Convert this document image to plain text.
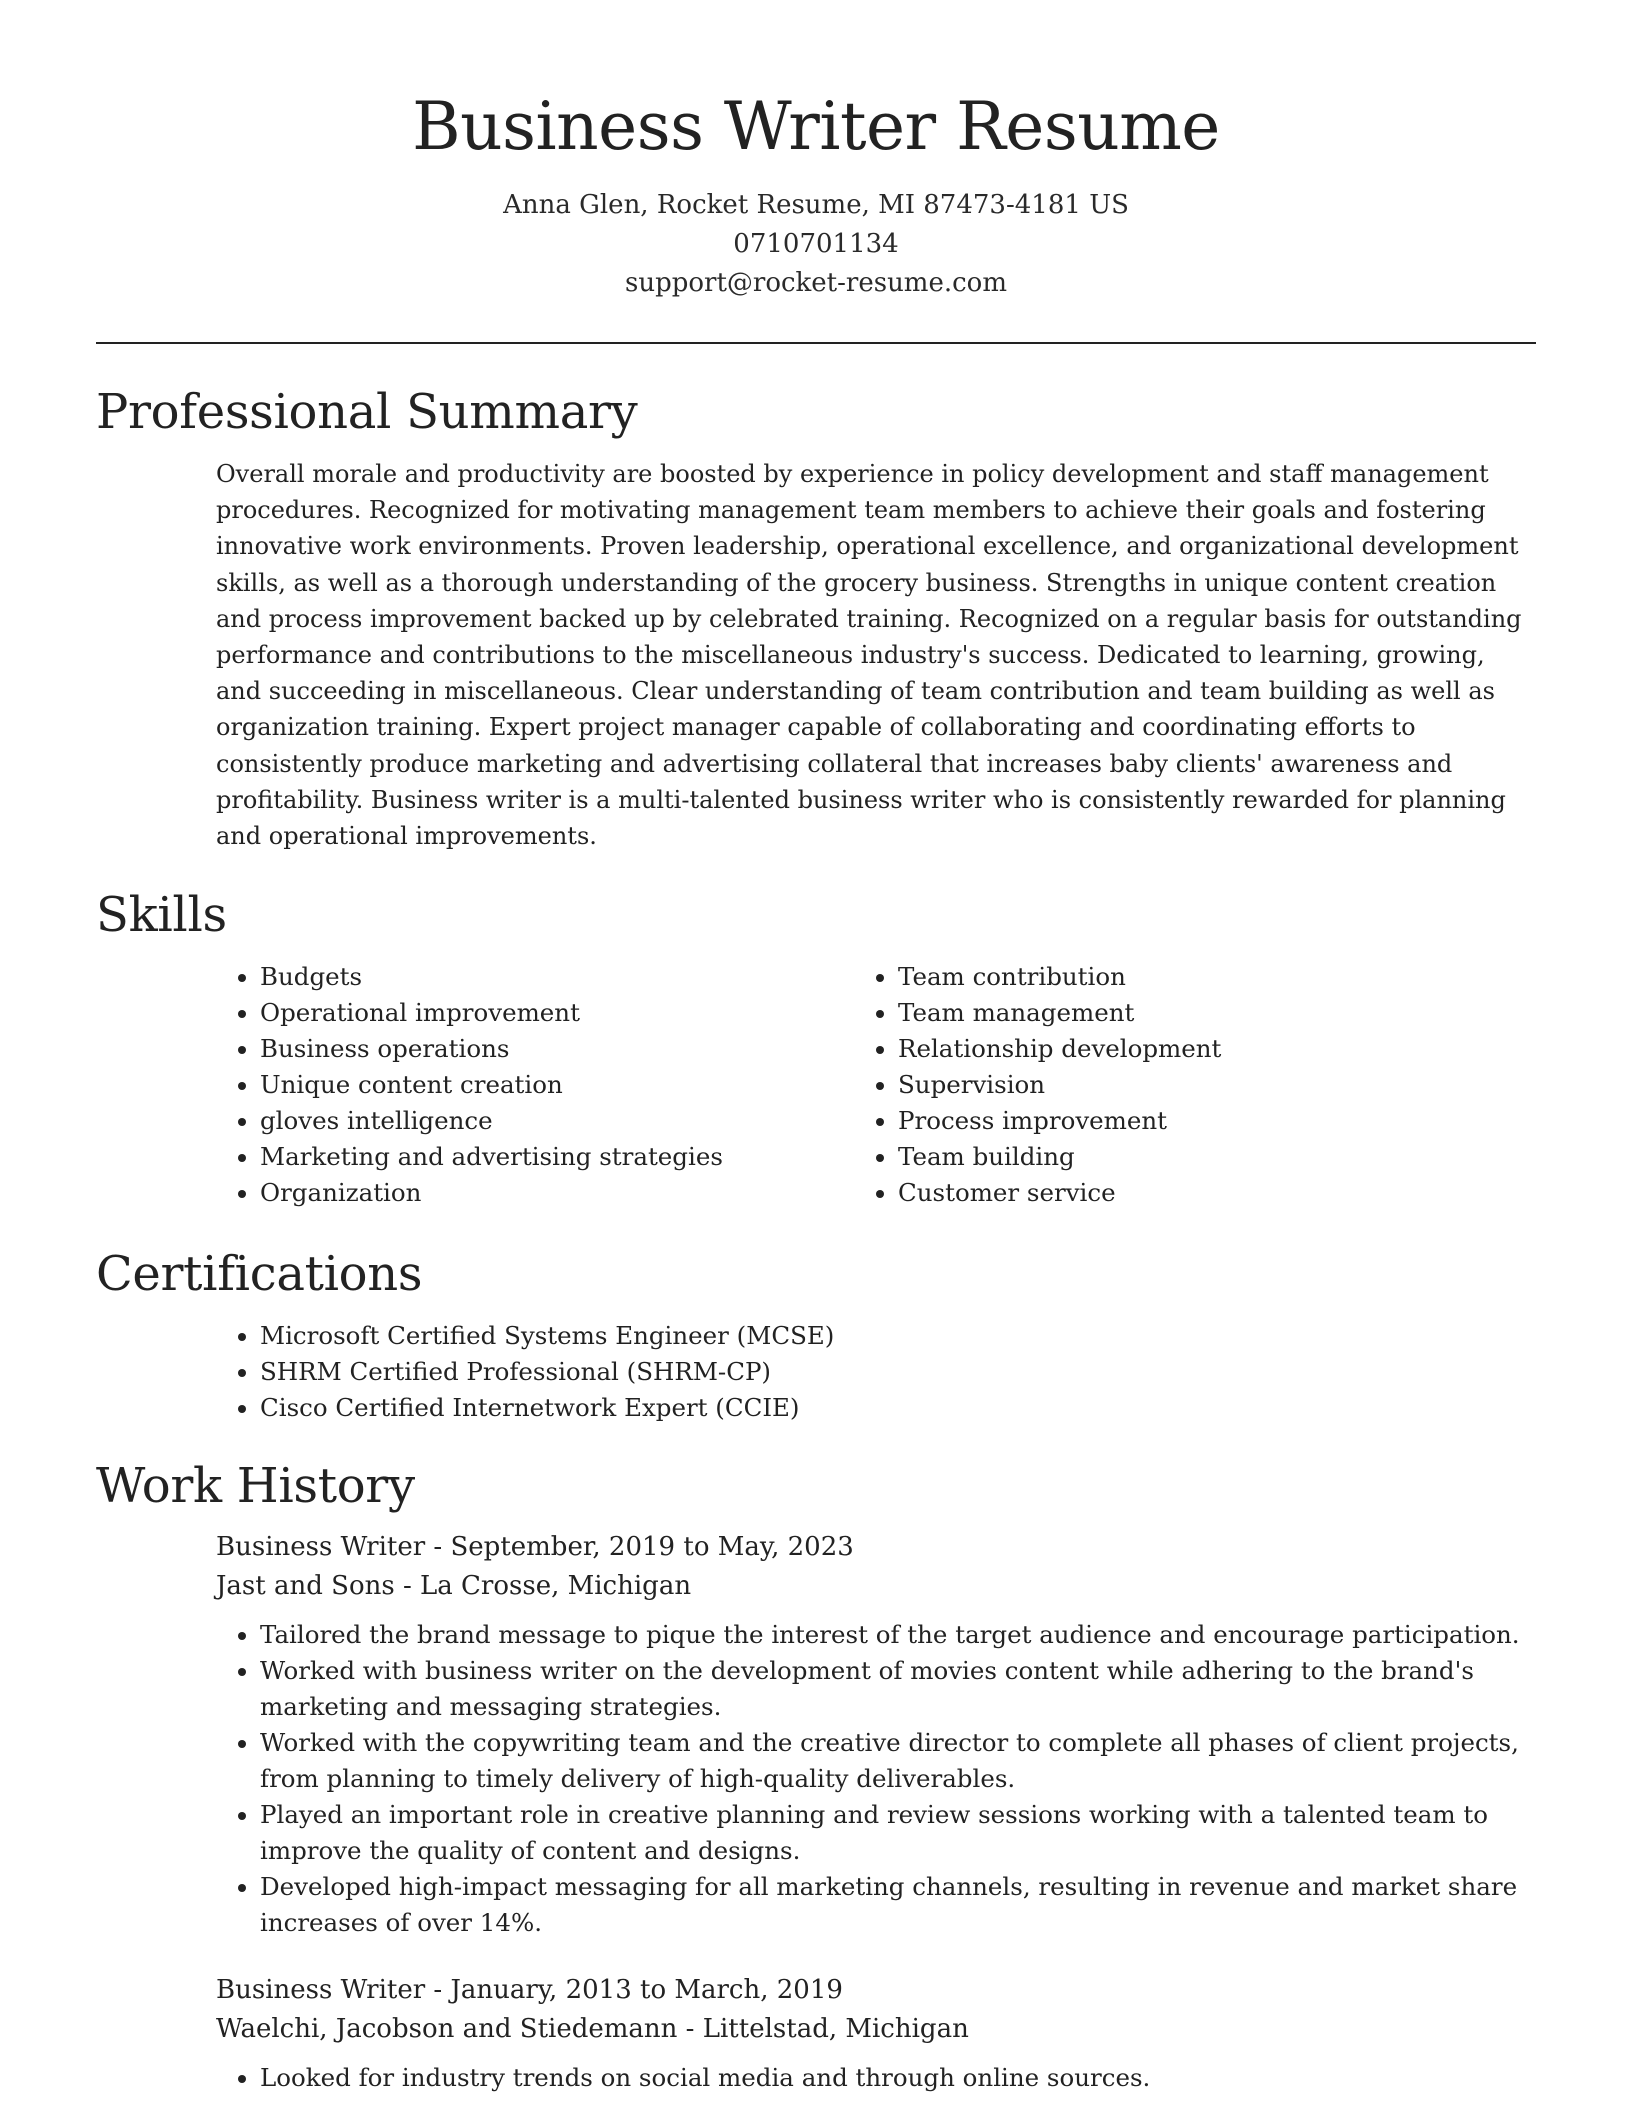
Business Writer Resume
Anna Glen, Rocket Resume, MI 87473-4181 US
0710701134
support@rocket-resume.com
Professional Summary

Overall morale and productivity are boosted by experience in policy development and staff management procedures. Recognized for motivating management team members to achieve their goals and fostering innovative work environments. Proven leadership, operational excellence, and organizational development skills, as well as a thorough understanding of the grocery business. Strengths in unique content creation and process improvement backed up by celebrated training. Recognized on a regular basis for outstanding performance and contributions to the miscellaneous industry's success. Dedicated to learning, growing, and succeeding in miscellaneous. Clear understanding of team contribution and team building as well as organization training. Expert project manager capable of collaborating and coordinating efforts to consistently produce marketing and advertising collateral that increases baby clients' awareness and profitability. Business writer is a multi-talented business writer who is consistently rewarded for planning and operational improvements.

Skills
• Budgets
• Operational improvement
• Business operations
• Unique content creation
• gloves intelligence
• Marketing and advertising strategies
• Organization
• Team contribution
• Team management
• Relationship development
• Supervision
• Process improvement
• Team building
• Customer service
Certifications
• Microsoft Certified Systems Engineer (MCSE)
• SHRM Certified Professional (SHRM-CP)
• Cisco Certified Internetwork Expert (CCIE)
Work History
Business Writer - September, 2019 to May, 2023
Jast and Sons - La Crosse, Michigan
• Tailored the brand message to pique the interest of the target audience and encourage participation.
• Worked with business writer on the development of movies content while adhering to the brand's marketing and messaging strategies.
• Worked with the copywriting team and the creative director to complete all phases of client projects, from planning to timely delivery of high-quality deliverables.
• Played an important role in creative planning and review sessions working with a talented team to improve the quality of content and designs.
• Developed high-impact messaging for all marketing channels, resulting in revenue and market share increases of over 14%.
Business Writer - January, 2013 to March, 2019
Waelchi, Jacobson and Stiedemann - Littelstad, Michigan
• Looked for industry trends on social media and through online sources.
